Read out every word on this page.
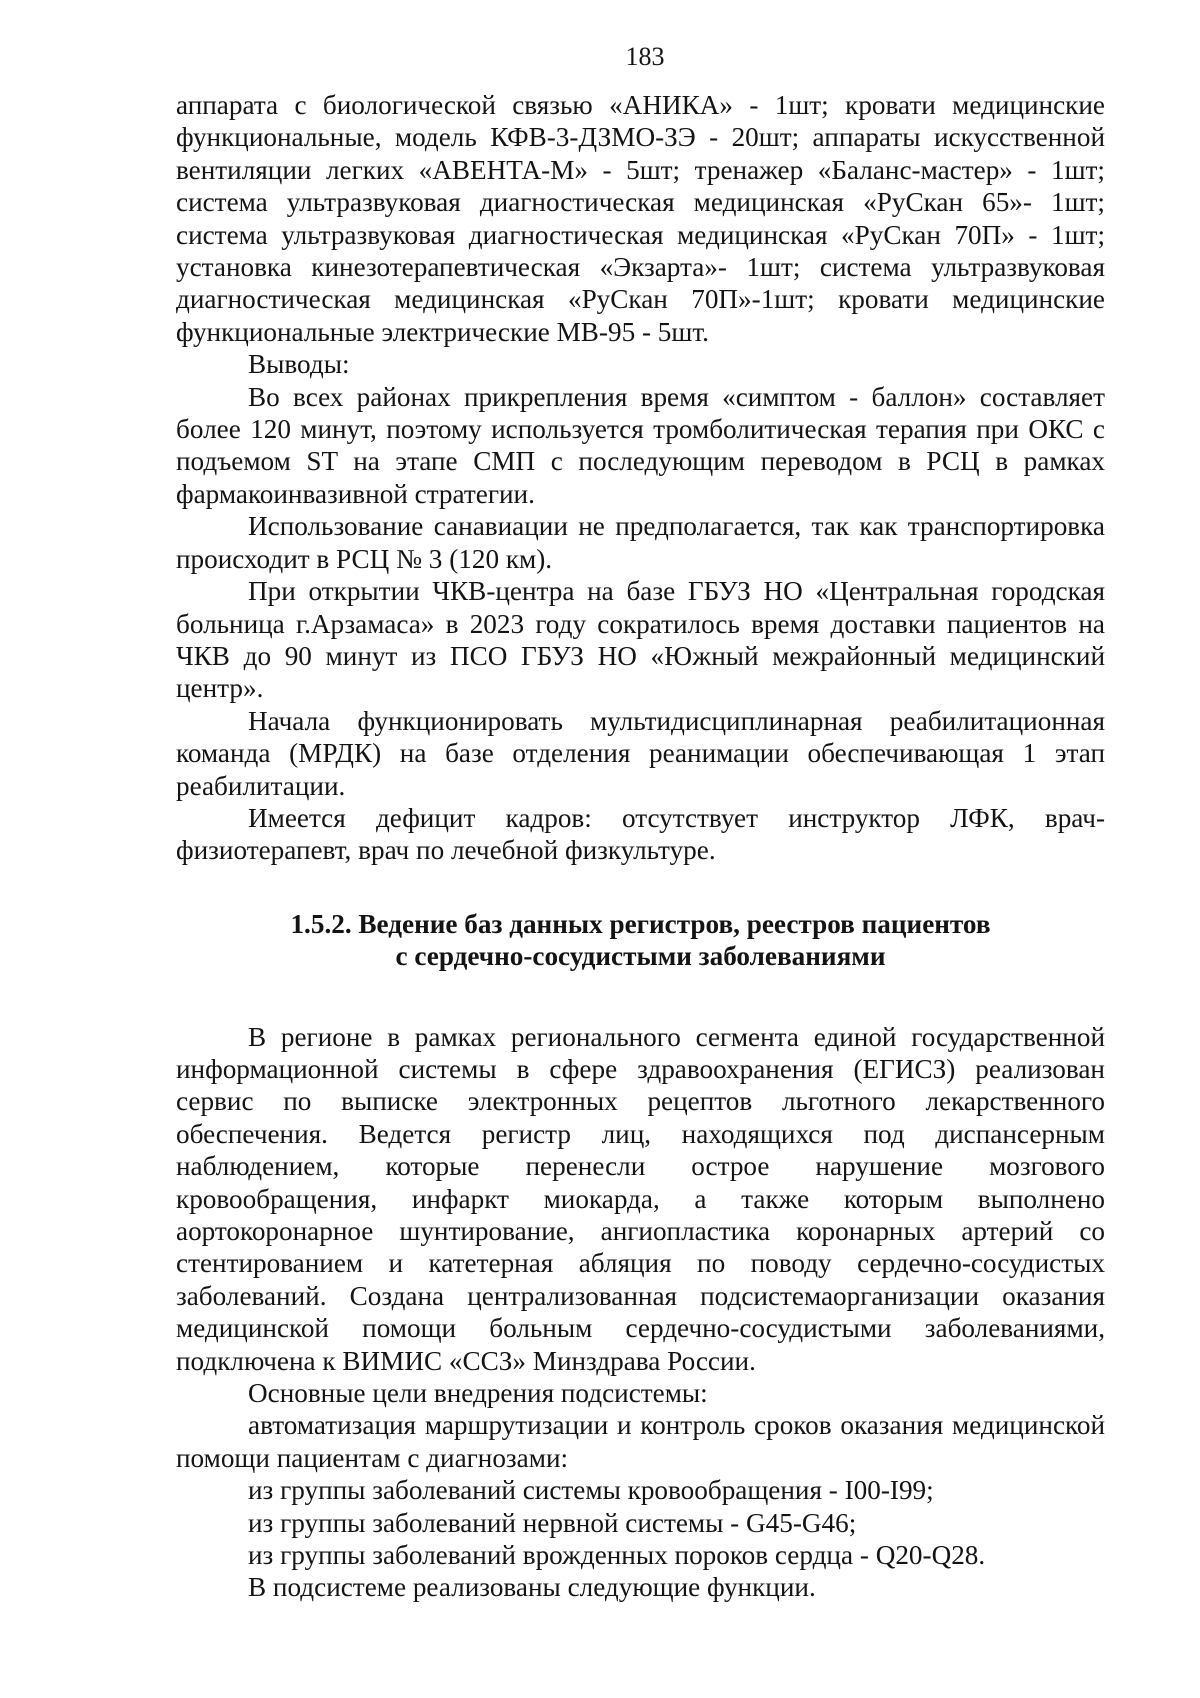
183

аппарата с биологической связью «АНИКА» - 1шт; кровати медицинские функциональные, модель КФВ-3-ДЗМО-ЗЭ - 20шт; аппараты искусственной вентиляции легких «АВЕНТА-М» - 5шт; тренажер «Баланс-мастер» - 1шт; система ультразвуковая диагностическая медицинская «РуСкан 65»- 1шт; система ультразвуковая диагностическая медицинская «РуСкан 70П» - 1шт; установка кинезотерапевтическая «Экзарта»- 1шт; система ультразвуковая диагностическая медицинская «РуСкан 70П»-1шт; кровати медицинские функциональные электрические МВ-95 - 5шт.

Выводы:

Во всех районах прикрепления время «симптом - баллон» составляет более 120 минут, поэтому используется тромболитическая терапия при ОКС с подъемом ST на этапе СМП с последующим переводом в РСЦ в рамках фармакоинвазивной стратегии.

Использование санавиации не предполагается, так как транспортировка происходит в РСЦ № 3 (120 км).

При открытии ЧКВ-центра на базе ГБУЗ НО «Центральная городская больница г.Арзамаса» в 2023 году сократилось время доставки пациентов на ЧКВ до 90 минут из ПСО ГБУЗ НО «Южный межрайонный медицинский центр».

Начала функционировать мультидисциплинарная реабилитационная команда (МРДК) на базе отделения реанимации обеспечивающая 1 этап реабилитации.

Имеется дефицит кадров: отсутствует инструктор ЛФК, врач-физиотерапевт, врач по лечебной физкультуре.

1.5.2. Ведение баз данных регистров, реестров пациентов
с сердечно-сосудистыми заболеваниями

В регионе в рамках регионального сегмента единой государственной информационной системы в сфере здравоохранения (ЕГИСЗ) реализован сервис по выписке электронных рецептов льготного лекарственного обеспечения. Ведется регистр лиц, находящихся под диспансерным наблюдением, которые перенесли острое нарушение мозгового кровообращения, инфаркт миокарда, а также которым выполнено аортокоронарное шунтирование, ангиопластика коронарных артерий со стентированием и катетерная абляция по поводу сердечно-сосудистых заболеваний. Создана централизованная подсистемаорганизации оказания медицинской помощи больным сердечно-сосудистыми заболеваниями, подключена к ВИМИС «ССЗ» Минздрава России.

Основные цели внедрения подсистемы:

автоматизация маршрутизации и контроль сроков оказания медицинской помощи пациентам с диагнозами:

из группы заболеваний системы кровообращения - I00-I99;

из группы заболеваний нервной системы - G45-G46;

из группы заболеваний врожденных пороков сердца - Q20-Q28.

В подсистеме реализованы следующие функции.
